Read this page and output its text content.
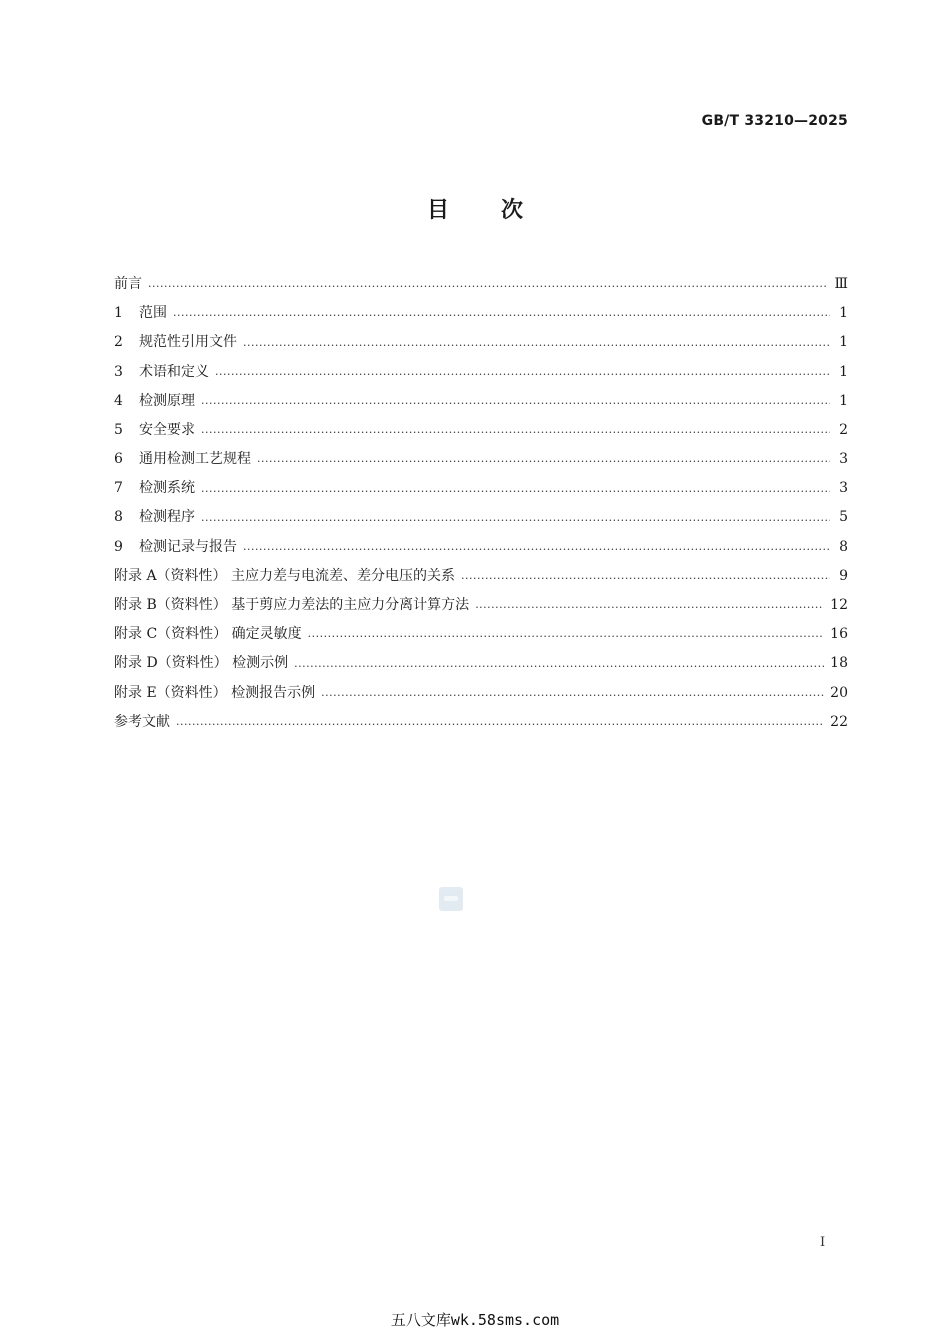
GB/T 33210—2025
目 次
前言 ·····	Ⅲ
1	范围 ·····	1
2	规范性引用文件 ·····	1
3	术语和定义 ·····	1
4	检测原理 ·····	1
5	安全要求 ·····	2
6	通用检测工艺规程 ·····	3
7	检测系统 ·····	3
8	检测程序 ·····	5
9	检测记录与报告 ·····	8
附录 A（资料性） 主应力差与电流差、差分电压的关系 ·····	9
附录 B（资料性） 基于剪应力差法的主应力分离计算方法 ·····	12
附录 C（资料性） 确定灵敏度 ·····	16
附录 D（资料性） 检测示例 ·····	18
附录 E（资料性） 检测报告示例 ·····	20
参考文献 ·····	22
I
五八文库wk.58sms.com
